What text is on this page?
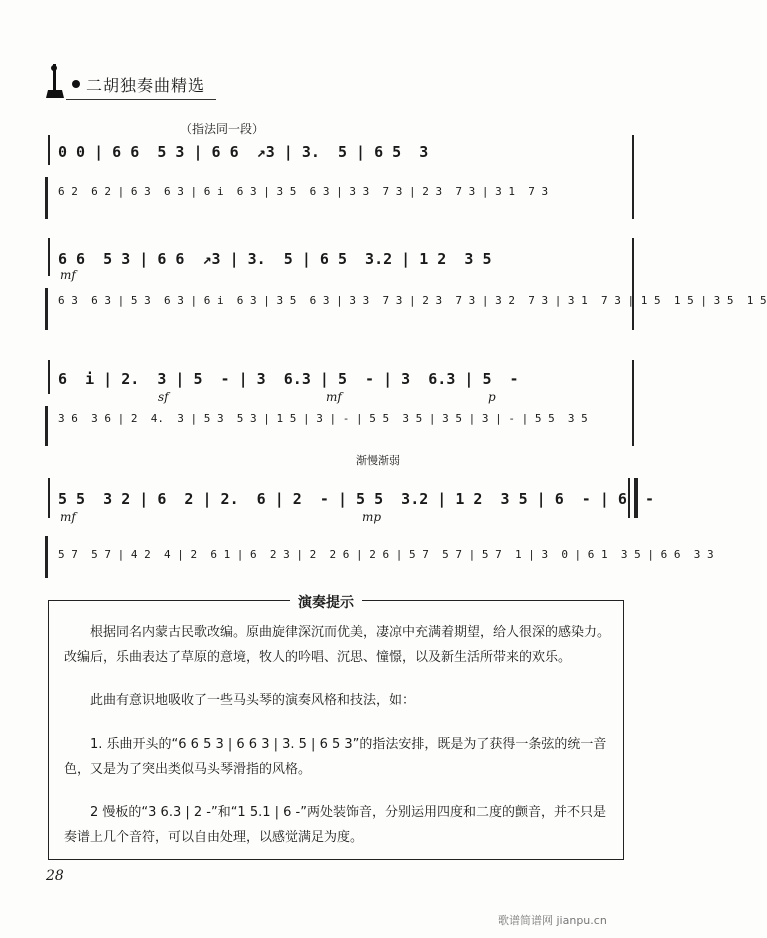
二胡独奏曲精选
（指法同一段）
0 0 | 6 6  5 3 | 6 6  ↗3 | 3.  5 | 6 5  3
6 2  6 2 | 6 3  6 3 | 6 i  6 3 | 3 5  6 3 | 3 3  7 3 | 2 3  7 3 | 3 1  7 3
6 6  5 3 | 6 6  ↗3 | 3.  5 | 6 5  3.2 | 1 2  3 5
mf
6 3  6 3 | 5 3  6 3 | 6 i  6 3 | 3 5  6 3 | 3 3  7 3 | 2 3  7 3 | 3 2  7 3 | 3 1  7 3 | 1 5  1 5 | 3 5  1 5
6  i | 2.  3 | 5  - | 3  6.3 | 5  - | 3  6.3 | 5  -
sf	mf	p
3 6  3 6 | 2  4.  3 | 5 3  5 3 | 1 5 | 3 | - | 5 5  3 5 | 3 5 | 3 | - | 5 5  3 5
渐慢渐弱
5 5  3 2 | 6  2 | 2.  6 | 2  - | 5 5  3.2 | 1 2  3 5 | 6  - | 6  -
mf	mp
5 7  5 7 | 4 2  4 | 2  6 1 | 6  2 3 | 2  2 6 | 2 6 | 5 7  5 7 | 5 7  1 | 3  0 | 6 1  3 5 | 6 6  3 3
演奏提示
根据同名内蒙古民歌改编。原曲旋律深沉而优美，凄凉中充满着期望，给人很深的感染力。改编后，乐曲表达了草原的意境，牧人的吟唱、沉思、憧憬，以及新生活所带来的欢乐。
此曲有意识地吸收了一些马头琴的演奏风格和技法，如：
1. 乐曲开头的“6 6 5 3 | 6 6 3 | 3. 5 | 6 5 3”的指法安排，既是为了获得一条弦的统一音色，又是为了突出类似马头琴滑指的风格。
2 慢板的“3 6.3 | 2 -”和“1 5.1 | 6 -”两处装饰音，分别运用四度和二度的颤音，并不只是奏谱上几个音符，可以自由处理，以感觉满足为度。
28
歌谱简谱网 jianpu.cn
